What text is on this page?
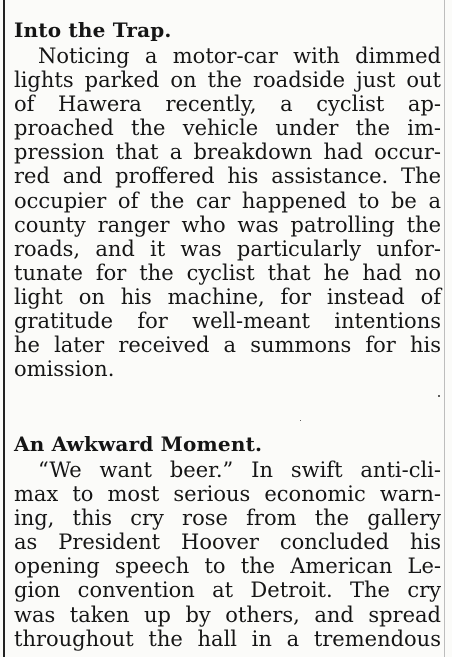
Into the Trap.
Noticing a motor-car with dimmed
lights parked on the roadside just out
of Hawera recently, a cyclist ap-
proached the vehicle under the im-
pression that a breakdown had occur-
red and proffered his assistance. The
occupier of the car happened to be a
county ranger who was patrolling the
roads, and it was particularly unfor-
tunate for the cyclist that he had no
light on his machine, for instead of
gratitude for well-meant intentions
he later received a summons for his
omission.
An Awkward Moment.
“We want beer.” In swift anti-cli-
max to most serious economic warn-
ing, this cry rose from the gallery
as President Hoover concluded his
opening speech to the American Le-
gion convention at Detroit. The cry
was taken up by others, and spread
throughout the hall in a tremendous
